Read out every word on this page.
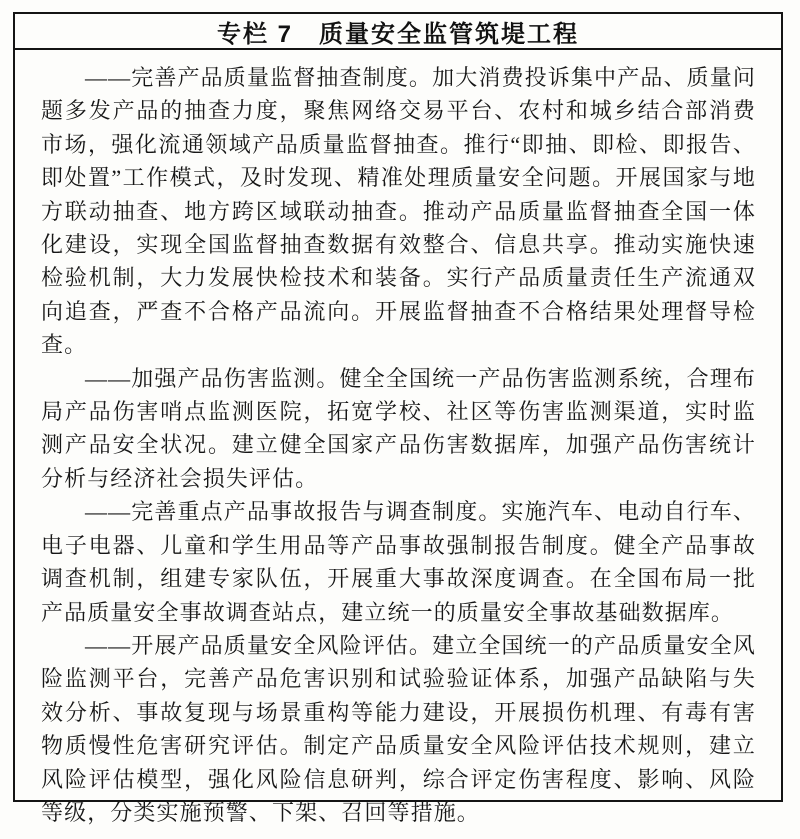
专栏 7　质量安全监管筑堤工程

——完善产品质量监督抽查制度。加大消费投诉集中产品、质量问题多发产品的抽查力度，聚焦网络交易平台、农村和城乡结合部消费市场，强化流通领域产品质量监督抽查。推行“即抽、即检、即报告、即处置”工作模式，及时发现、精准处理质量安全问题。开展国家与地方联动抽查、地方跨区域联动抽查。推动产品质量监督抽查全国一体化建设，实现全国监督抽查数据有效整合、信息共享。推动实施快速检验机制，大力发展快检技术和装备。实行产品质量责任生产流通双向追查，严查不合格产品流向。开展监督抽查不合格结果处理督导检查。

——加强产品伤害监测。健全全国统一产品伤害监测系统，合理布局产品伤害哨点监测医院，拓宽学校、社区等伤害监测渠道，实时监测产品安全状况。建立健全国家产品伤害数据库，加强产品伤害统计分析与经济社会损失评估。

——完善重点产品事故报告与调查制度。实施汽车、电动自行车、电子电器、儿童和学生用品等产品事故强制报告制度。健全产品事故调查机制，组建专家队伍，开展重大事故深度调查。在全国布局一批产品质量安全事故调查站点，建立统一的质量安全事故基础数据库。

——开展产品质量安全风险评估。建立全国统一的产品质量安全风险监测平台，完善产品危害识别和试验验证体系，加强产品缺陷与失效分析、事故复现与场景重构等能力建设，开展损伤机理、有毒有害物质慢性危害研究评估。制定产品质量安全风险评估技术规则，建立风险评估模型，强化风险信息研判，综合评定伤害程度、影响、风险等级，分类实施预警、下架、召回等措施。
